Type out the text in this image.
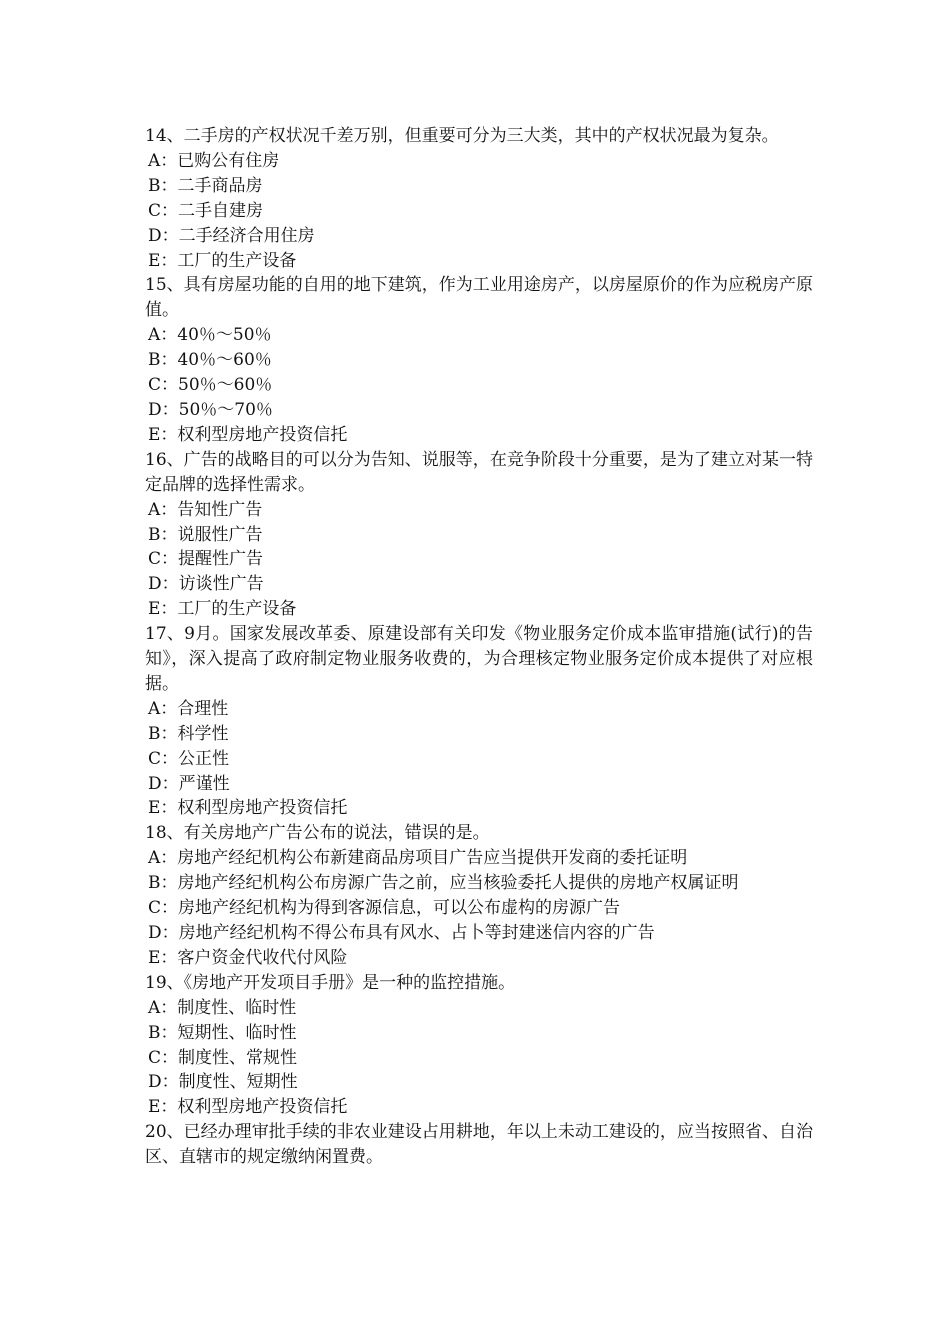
14、二手房的产权状况千差万别，但重要可分为三大类，其中的产权状况最为复杂。

A：已购公有住房
B：二手商品房
C：二手自建房
D：二手经济合用住房
E：工厂的生产设备

15、具有房屋功能的自用的地下建筑，作为工业用途房产，以房屋原价的作为应税房产原值。

A：40％～50％
B：40％～60％
C：50％～60％
D：50％～70％
E：权利型房地产投资信托

16、广告的战略目的可以分为告知、说服等，在竞争阶段十分重要，是为了建立对某一特定品牌的选择性需求。

A：告知性广告
B：说服性广告
C：提醒性广告
D：访谈性广告
E：工厂的生产设备

17、9月。国家发展改革委、原建设部有关印发《物业服务定价成本监审措施(试行)的告知》，深入提高了政府制定物业服务收费的，为合理核定物业服务定价成本提供了对应根据。

A：合理性
B：科学性
C：公正性
D：严谨性
E：权利型房地产投资信托

18、有关房地产广告公布的说法，错误的是。

A：房地产经纪机构公布新建商品房项目广告应当提供开发商的委托证明
B：房地产经纪机构公布房源广告之前，应当核验委托人提供的房地产权属证明
C：房地产经纪机构为得到客源信息，可以公布虚构的房源广告
D：房地产经纪机构不得公布具有风水、占卜等封建迷信内容的广告
E：客户资金代收代付风险

19、《房地产开发项目手册》是一种的监控措施。

A：制度性、临时性
B：短期性、临时性
C：制度性、常规性
D：制度性、短期性
E：权利型房地产投资信托

20、已经办理审批手续的非农业建设占用耕地，年以上未动工建设的，应当按照省、自治区、直辖市的规定缴纳闲置费。
